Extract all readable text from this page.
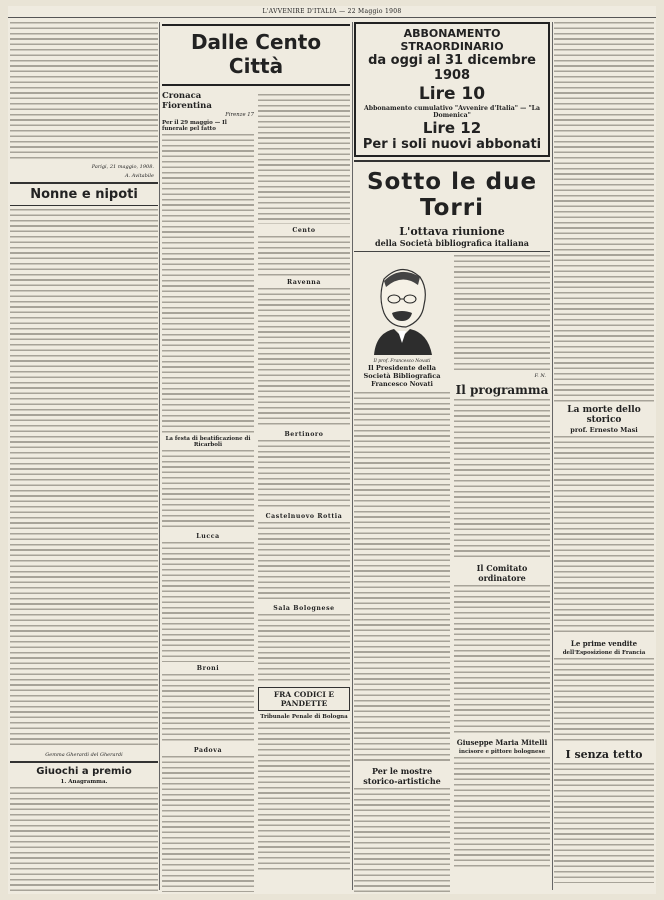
L'AVVENIRE D'ITALIA — 22 Maggio 1908
Parigi, 21 maggio, 1908.
A. Avitabile
Nonne e nipoti
Gemma Gherardi del Gherardi
Giuochi a premio
1. Anagramma.
Dalle Cento Città
Cronaca Fiorentina
Firenze 17
Per il 29 maggio — Il funerale pel fatto
La festa di beatificazione di Ricarboli
Lucca
Broni
Padova
Cento
Ravenna
Bertinoro
Castelnuovo Rottia
Sala Bolognese
FRA CODICI E PANDETTE
Tribunale Penale di Bologna
ABBONAMENTO STRAORDINARIO
da oggi al 31 dicembre 1908
Lire 10
Abbonamento cumulativo "Avvenire d'Italia" — "La Domenica"
Lire 12
Per i soli nuovi abbonati
Sotto le due Torri
L'ottava riunione
della Società bibliografica italiana
Il prof. Francesco Novati
Il Presidente della Società Bibliografica
Francesco Novati
Per le mostre storico-artistiche
F. N.
Il programma
Il Comitato ordinatore
Giuseppe Maria Mitelli
incisore e pittore bolognese
La morte dello storico
prof. Ernesto Masi
Le prime vendite
dell'Esposizione di Francia
I senza tetto
